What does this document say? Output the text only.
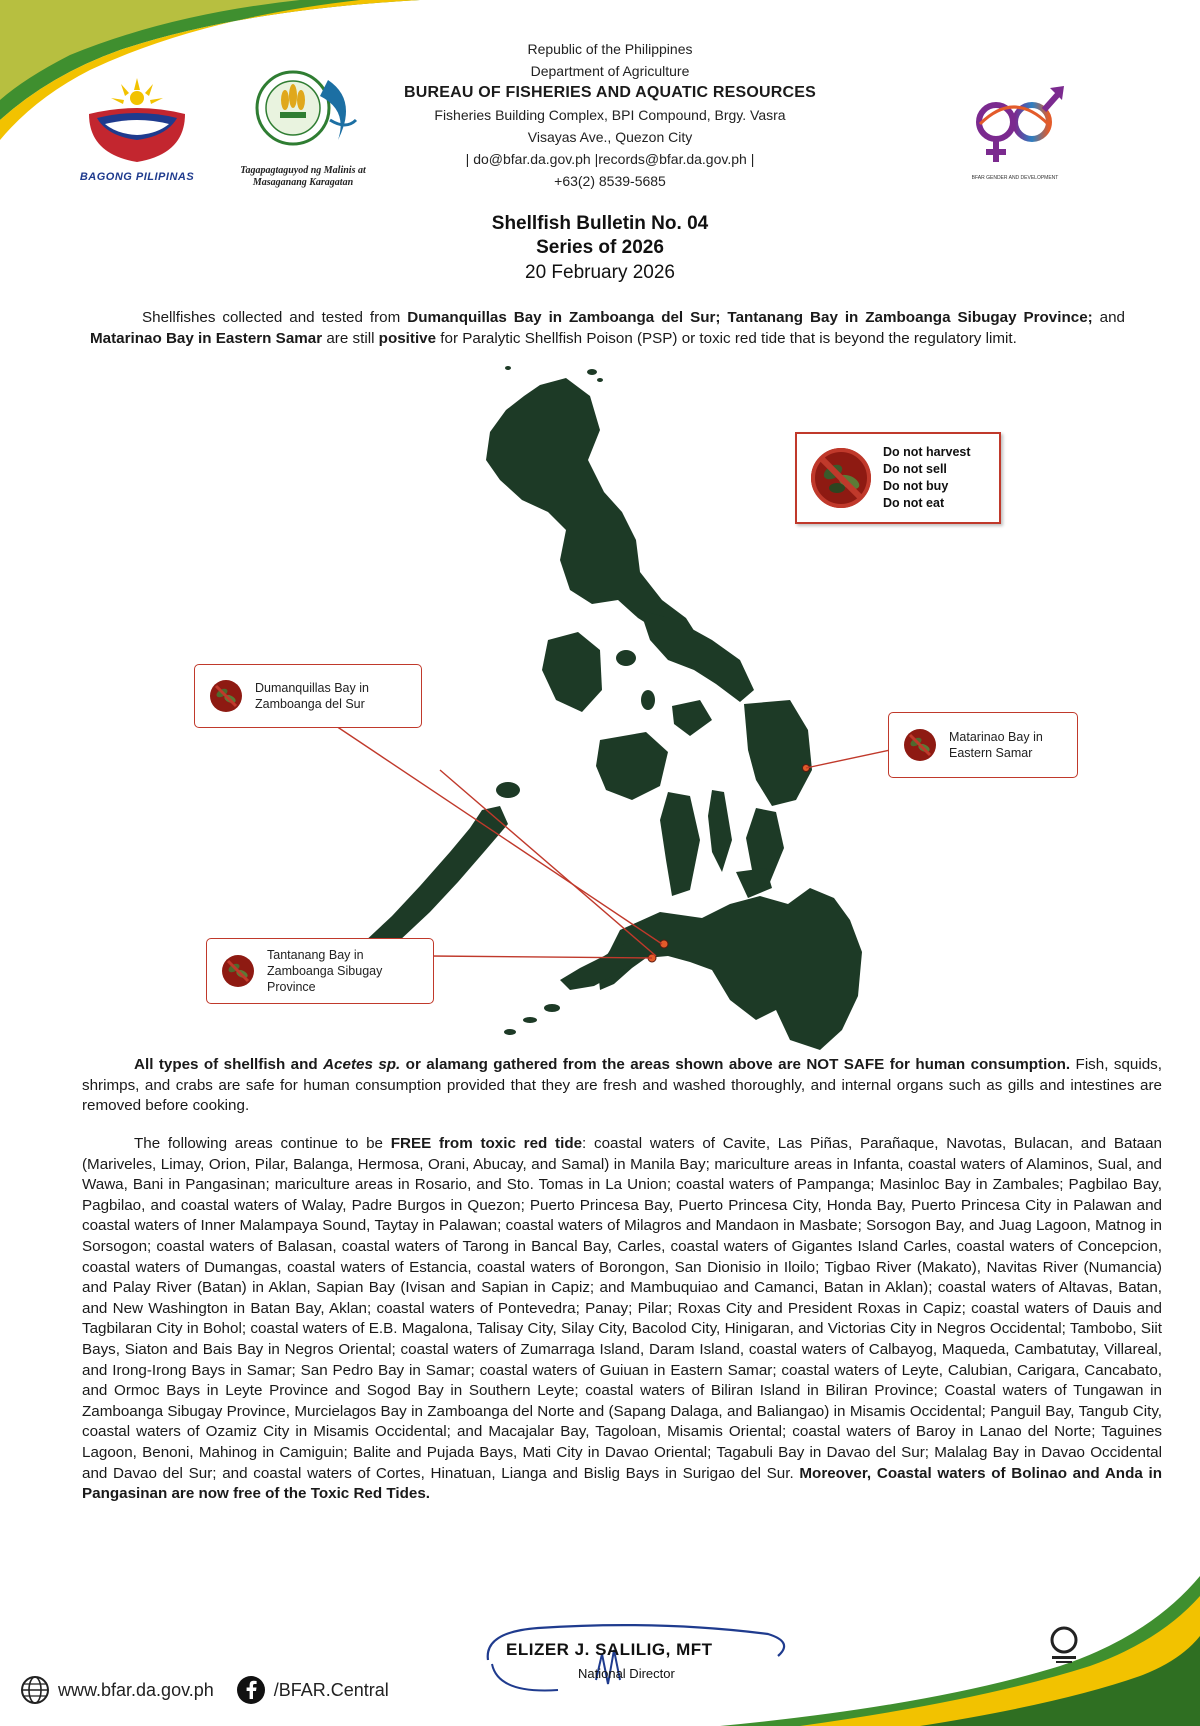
BAGONG PILIPINAS
Tagapagtaguyod ng Malinis at
Masaganang Karagatan	BFAR GENDER AND DEVELOPMENT
Republic of the Philippines
Department of Agriculture
BUREAU OF FISHERIES AND AQUATIC RESOURCES
Fisheries Building Complex, BPI Compound, Brgy. Vasra
Visayas Ave., Quezon City
| do@bfar.da.gov.ph |records@bfar.da.gov.ph |
+63(2) 8539-5685
Shellfish Bulletin No. 04
Series of 2026
20 February 2026
Shellfishes collected and tested from Dumanquillas Bay in Zamboanga del Sur; Tantanang Bay in Zamboanga Sibugay Province; and Matarinao Bay in Eastern Samar are still positive for Paralytic Shellfish Poison (PSP) or toxic red tide that is beyond the regulatory limit.
Do not harvest
Do not sell
Do not buy
Do not eat
Dumanquillas Bay in
Zamboanga del Sur
Matarinao Bay in
Eastern Samar
Tantanang Bay in
Zamboanga Sibugay
Province
All types of shellfish and Acetes sp. or alamang gathered from the areas shown above are NOT SAFE for human consumption. Fish, squids, shrimps, and crabs are safe for human consumption provided that they are fresh and washed thoroughly, and internal organs such as gills and intestines are removed before cooking.
The following areas continue to be FREE from toxic red tide: coastal waters of Cavite, Las Piñas, Parañaque, Navotas, Bulacan, and Bataan (Mariveles, Limay, Orion, Pilar, Balanga, Hermosa, Orani, Abucay, and Samal) in Manila Bay; mariculture areas in Infanta, coastal waters of Alaminos, Sual, and Wawa, Bani in Pangasinan; mariculture areas in Rosario, and Sto. Tomas in La Union; coastal waters of Pampanga; Masinloc Bay in Zambales; Pagbilao Bay, Pagbilao, and coastal waters of Walay, Padre Burgos in Quezon; Puerto Princesa Bay, Puerto Princesa City, Honda Bay, Puerto Princesa City in Palawan and coastal waters of Inner Malampaya Sound, Taytay in Palawan; coastal waters of Milagros and Mandaon in Masbate; Sorsogon Bay, and Juag Lagoon, Matnog in Sorsogon; coastal waters of Balasan, coastal waters of Tarong in Bancal Bay, Carles, coastal waters of Gigantes Island Carles, coastal waters of Concepcion, coastal waters of Dumangas, coastal waters of Estancia, coastal waters of Borongon, San Dionisio in Iloilo; Tigbao River (Makato), Navitas River (Numancia) and Palay River (Batan) in Aklan, Sapian Bay (Ivisan and Sapian in Capiz; and Mambuquiao and Camanci, Batan in Aklan); coastal waters of Altavas, Batan, and New Washington in Batan Bay, Aklan; coastal waters of Pontevedra; Panay; Pilar; Roxas City and President Roxas in Capiz; coastal waters of Dauis and Tagbilaran City in Bohol; coastal waters of E.B. Magalona, Talisay City, Silay City, Bacolod City, Hinigaran, and Victorias City in Negros Occidental; Tambobo, Siit Bays, Siaton and Bais Bay in Negros Oriental; coastal waters of Zumarraga Island, Daram Island, coastal waters of Calbayog, Maqueda, Cambatutay, Villareal, and Irong-Irong Bays in Samar; San Pedro Bay in Samar; coastal waters of Guiuan in Eastern Samar; coastal waters of Leyte, Calubian, Carigara, Cancabato, and Ormoc Bays in Leyte Province and Sogod Bay in Southern Leyte; coastal waters of Biliran Island in Biliran Province; Coastal waters of Tungawan in Zamboanga Sibugay Province, Murcielagos Bay in Zamboanga del Norte and (Sapang Dalaga, and Baliangao) in Misamis Occidental; Panguil Bay, Tangub City, coastal waters of Ozamiz City in Misamis Occidental; and Macajalar Bay, Tagoloan, Misamis Oriental; coastal waters of Baroy in Lanao del Norte; Taguines Lagoon, Benoni, Mahinog in Camiguin; Balite and Pujada Bays, Mati City in Davao Oriental; Tagabuli Bay in Davao del Sur; Malalag Bay in Davao Occidental and Davao del Sur; and coastal waters of Cortes, Hinatuan, Lianga and Bislig Bays in Surigao del Sur. Moreover, Coastal waters of Bolinao and Anda in Pangasinan are now free of the Toxic Red Tides.
ELIZER J. SALILIG, MFT
National Director
www.bfar.da.gov.ph	/BFAR.Central
